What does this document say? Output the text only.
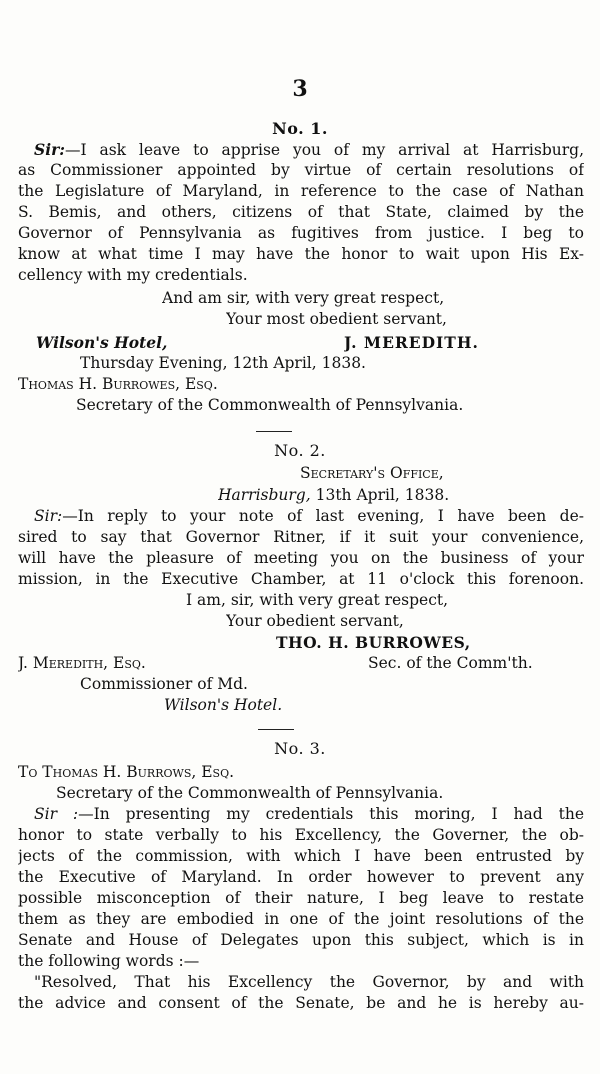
3
No. 1.
Sir:—I ask leave to apprise you of my arrival at Harrisburg,
as Commissioner appointed by virtue of certain resolutions of
the Legislature of Maryland, in reference to the case of Nathan
S. Bemis, and others, citizens of that State, claimed by the
Governor of Pennsylvania as fugitives from justice. I beg to
know at what time I may have the honor to wait upon His Ex-
cellency with my credentials.
And am sir, with very great respect,
Your most obedient servant,
Wilson's Hotel,	J. MEREDITH.
Thursday Evening, 12th April, 1838.
Thomas H. Burrowes, Esq.
Secretary of the Commonwealth of Pennsylvania.
No. 2.
Secretary's Office,
Harrisburg, 13th April, 1838.
Sir:—In reply to your note of last evening, I have been de-
sired to say that Governor Ritner, if it suit your convenience,
will have the pleasure of meeting you on the business of your
mission, in the Executive Chamber, at 11 o'clock this forenoon.
I am, sir, with very great respect,
Your obedient servant,
THO. H. BURROWES,
J. Meredith, Esq.	Sec. of the Comm'th.
Commissioner of Md.
Wilson's Hotel.
No. 3.
To Thomas H. Burrows, Esq.
Secretary of the Commonwealth of Pennsylvania.
Sir :—In presenting my credentials this moring, I had the
honor to state verbally to his Excellency, the Governer, the ob-
jects of the commission, with which I have been entrusted by
the Executive of Maryland. In order however to prevent any
possible misconception of their nature, I beg leave to restate
them as they are embodied in one of the joint resolutions of the
Senate and House of Delegates upon this subject, which is in
the following words :—
"Resolved, That his Excellency the Governor, by and with
the advice and consent of the Senate, be and he is hereby au-
